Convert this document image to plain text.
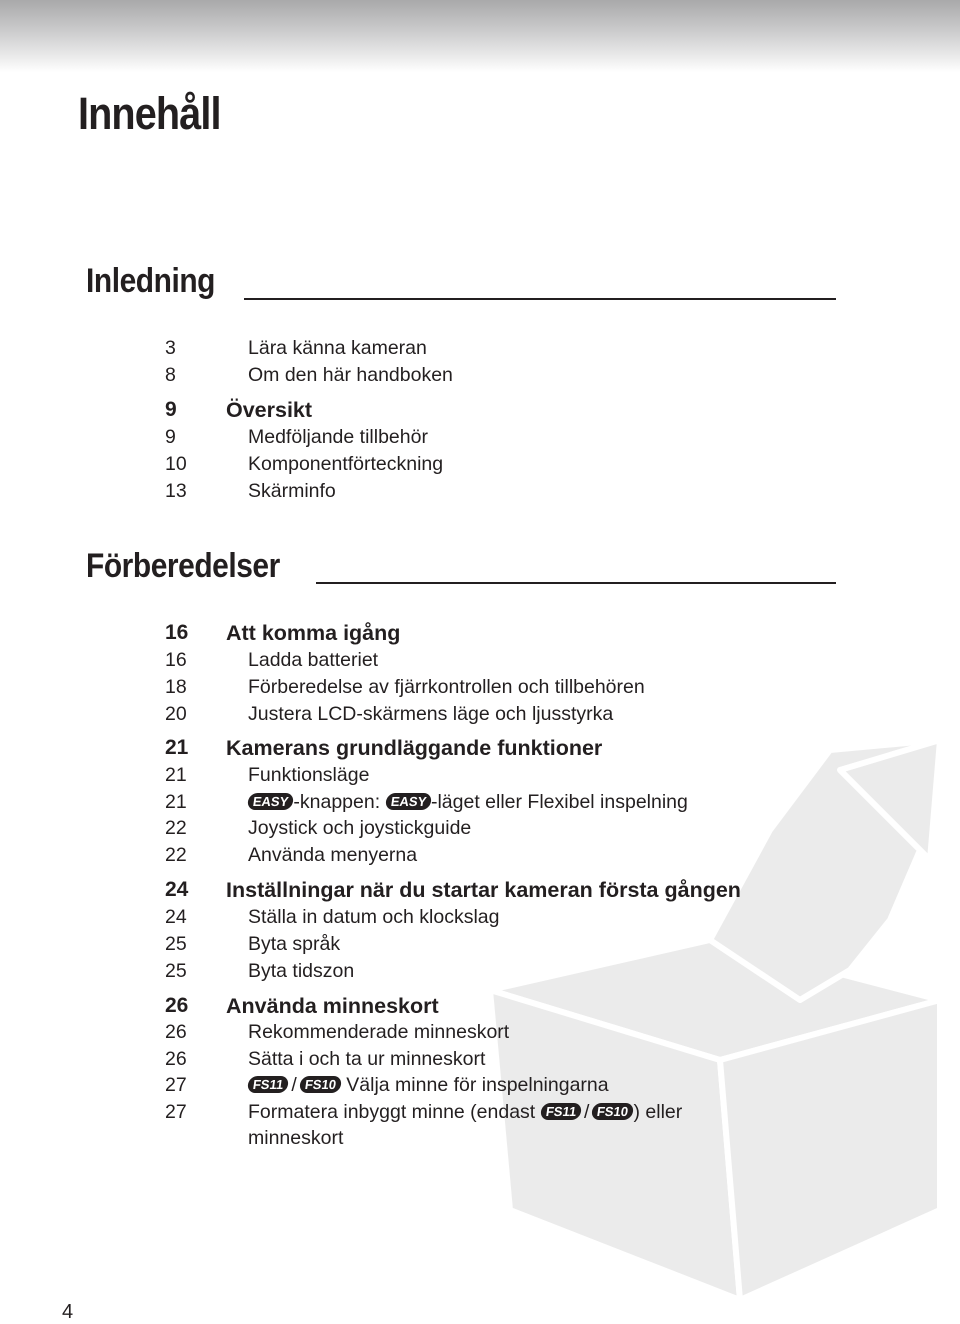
Innehåll
Inledning
Förberedelser
3	Lära känna kameran
8	Om den här handboken
9	Översikt
9	Medföljande tillbehör
10	Komponentförteckning
13	Skärminfo
16	Att komma igång
16	Ladda batteriet
18	Förberedelse av fjärrkontrollen och tillbehören
20	Justera LCD-skärmens läge och ljusstyrka
21	Kamerans grundläggande funktioner
21	Funktionsläge
21	EASY -knappen: EASY -läget eller Flexibel inspelning
22	Joystick och joystickguide
22	Använda menyerna
24	Inställningar när du startar kameran första gången
24	Ställa in datum och klockslag
25	Byta språk
25	Byta tidszon
26	Använda minneskort
26	Rekommenderade minneskort
26	Sätta i och ta ur minneskort
27	FS11 / FS10 Välja minne för inspelningarna
27	Formatera inbyggt minne (endast FS11 / FS10 ) eller
minneskort
4
